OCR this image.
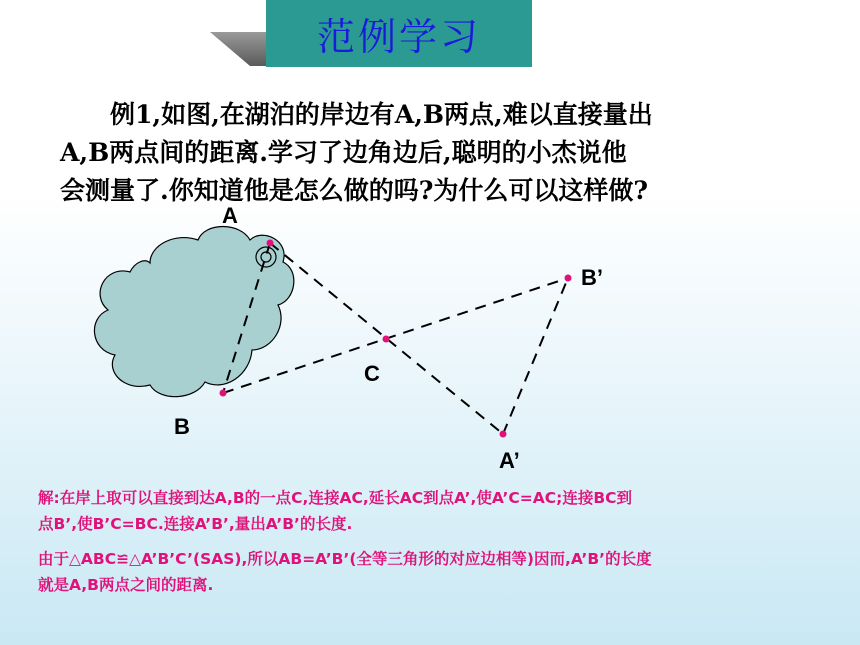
范例学习
例1,如图,在湖泊的岸边有A,B两点,难以直接量出
A,B两点间的距离.学习了边角边后,聪明的小杰说他
会测量了.你知道他是怎么做的吗?为什么可以这样做?
A
B
C
A’
B’
解:在岸上取可以直接到达A,B的一点C,连接AC,延长AC到点A’,使A’C=AC;连接BC到
点B’,使B’C=BC.连接A’B’,量出A’B’的长度.
由于△ABC≌△A’B’C’(SAS),所以AB=A’B’(全等三角形的对应边相等)因而,A’B’的长度
就是A,B两点之间的距离.
